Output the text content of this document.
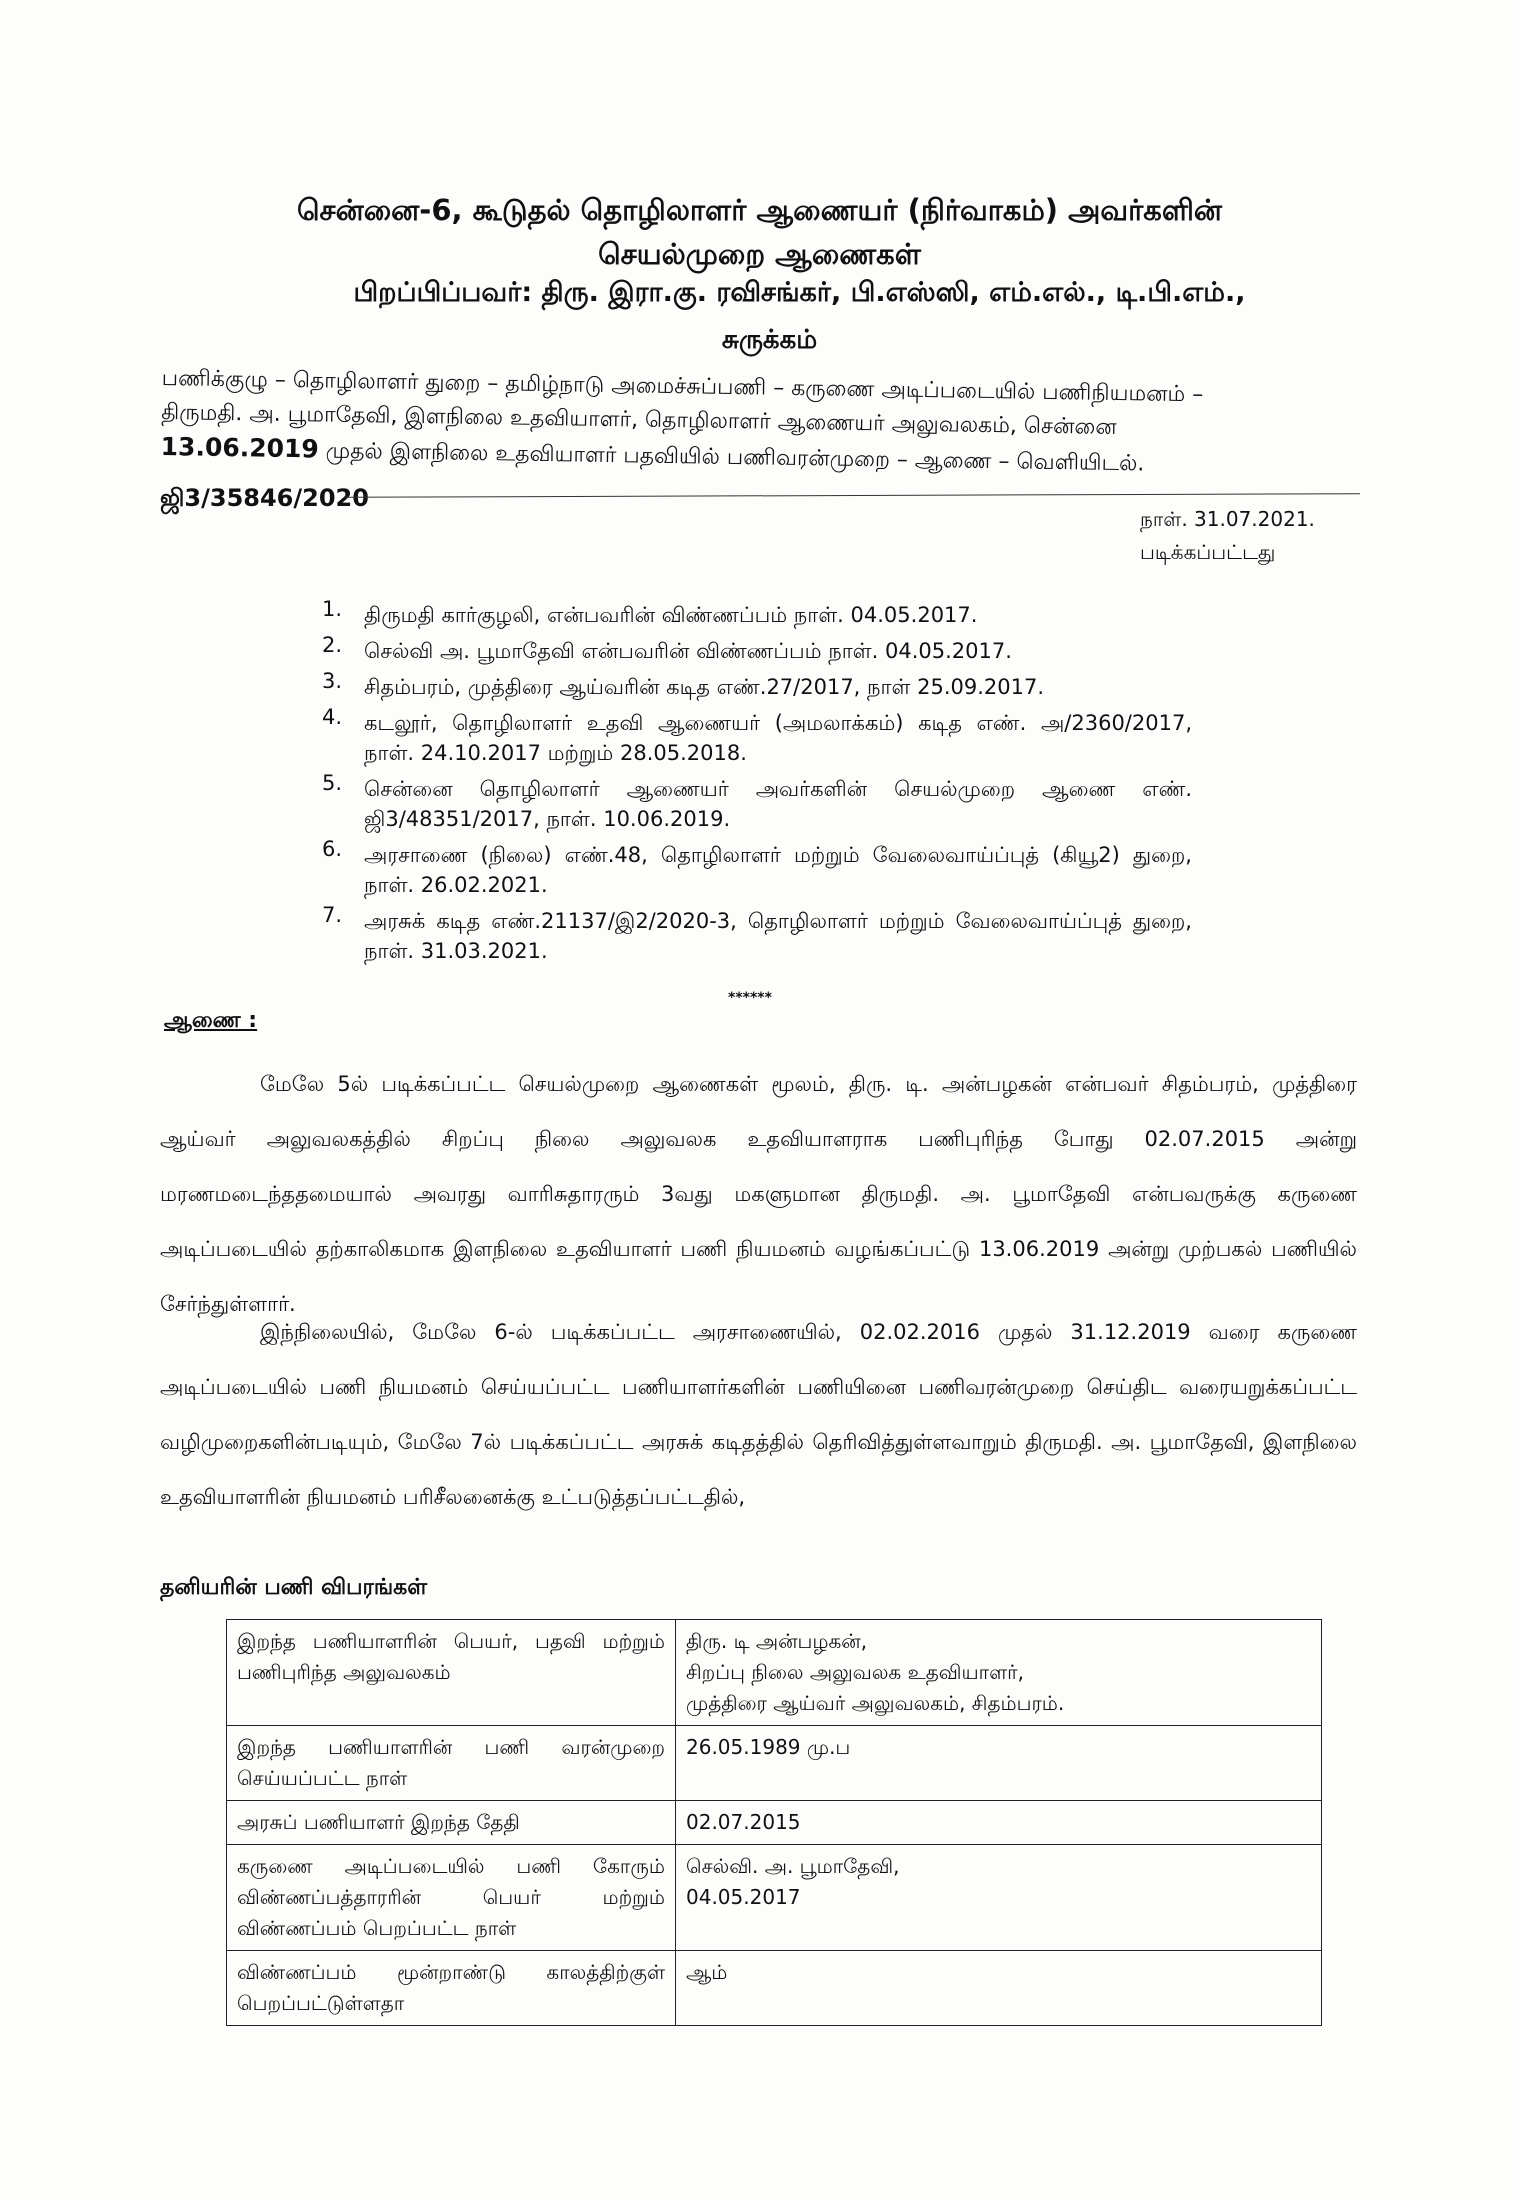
சென்னை-6, கூடுதல் தொழிலாளர் ஆணையர் (நிர்வாகம்) அவர்களின்
செயல்முறை ஆணைகள்
பிறப்பிப்பவர்: திரு. இரா.கு. ரவிசங்கர், பி.எஸ்ஸி, எம்.எல்., டி.பி.எம்.,
சுருக்கம்
பணிக்குழு – தொழிலாளர் துறை – தமிழ்நாடு அமைச்சுப்பணி – கருணை அடிப்படையில் பணிநியமனம் –
திருமதி. அ. பூமாதேவி, இளநிலை உதவியாளர், தொழிலாளர் ஆணையர் அலுவலகம், சென்னை
13.06.2019 முதல் இளநிலை உதவியாளர் பதவியில் பணிவரன்முறை – ஆணை – வெளியிடல்.
ஜி3/35846/2020
நாள். 31.07.2021.
படிக்கப்பட்டது
1. திருமதி கார்குழலி, என்பவரின் விண்ணப்பம் நாள். 04.05.2017.
2. செல்வி அ. பூமாதேவி என்பவரின் விண்ணப்பம் நாள். 04.05.2017.
3. சிதம்பரம், முத்திரை ஆய்வரின் கடித எண்.27/2017, நாள் 25.09.2017.
4. கடலூர், தொழிலாளர் உதவி ஆணையர் (அமலாக்கம்) கடித எண். அ/2360/2017, நாள். 24.10.2017 மற்றும் 28.05.2018.
5. சென்னை தொழிலாளர் ஆணையர் அவர்களின் செயல்முறை ஆணை எண். ஜி3/48351/2017, நாள். 10.06.2019.
6. அரசாணை (நிலை) எண்.48, தொழிலாளர் மற்றும் வேலைவாய்ப்புத் (கியூ2) துறை, நாள். 26.02.2021.
7. அரசுக் கடித எண்.21137/இ2/2020-3, தொழிலாளர் மற்றும் வேலைவாய்ப்புத் துறை, நாள். 31.03.2021.
******
ஆணை :

மேலே 5ல் படிக்கப்பட்ட செயல்முறை ஆணைகள் மூலம், திரு. டி. அன்பழகன் என்பவர் சிதம்பரம், முத்திரை ஆய்வர் அலுவலகத்தில் சிறப்பு நிலை அலுவலக உதவியாளராக பணிபுரிந்த போது 02.07.2015 அன்று மரணமடைந்ததமையால் அவரது வாரிசுதாரரும் 3வது மகளுமான திருமதி. அ. பூமாதேவி என்பவருக்கு கருணை அடிப்படையில் தற்காலிகமாக இளநிலை உதவியாளர் பணி நியமனம் வழங்கப்பட்டு 13.06.2019 அன்று முற்பகல் பணியில் சேர்ந்துள்ளார்.

இந்நிலையில், மேலே 6-ல் படிக்கப்பட்ட அரசாணையில், 02.02.2016 முதல் 31.12.2019 வரை கருணை அடிப்படையில் பணி நியமனம் செய்யப்பட்ட பணியாளர்களின் பணியினை பணிவரன்முறை செய்திட வரையறுக்கப்பட்ட வழிமுறைகளின்படியும், மேலே 7ல் படிக்கப்பட்ட அரசுக் கடிதத்தில் தெரிவித்துள்ளவாறும் திருமதி. அ. பூமாதேவி, இளநிலை உதவியாளரின் நியமனம் பரிசீலனைக்கு உட்படுத்தப்பட்டதில்,

தனியரின் பணி விபரங்கள்
இறந்த பணியாளரின் பெயர், பதவி மற்றும் பணிபுரிந்த அலுவலகம்	திரு. டி அன்பழகன்,
சிறப்பு நிலை அலுவலக உதவியாளர்,
முத்திரை ஆய்வர் அலுவலகம், சிதம்பரம்.

இறந்த பணியாளரின் பணி வரன்முறை செய்யப்பட்ட நாள்	26.05.1989 மு.ப

அரசுப் பணியாளர் இறந்த தேதி	02.07.2015

கருணை அடிப்படையில் பணி கோரும் விண்ணப்பத்தாரரின் பெயர் மற்றும் விண்ணப்பம் பெறப்பட்ட நாள்	செல்வி. அ. பூமாதேவி,
04.05.2017

விண்ணப்பம் மூன்றாண்டு காலத்திற்குள் பெறப்பட்டுள்ளதா	ஆம்
